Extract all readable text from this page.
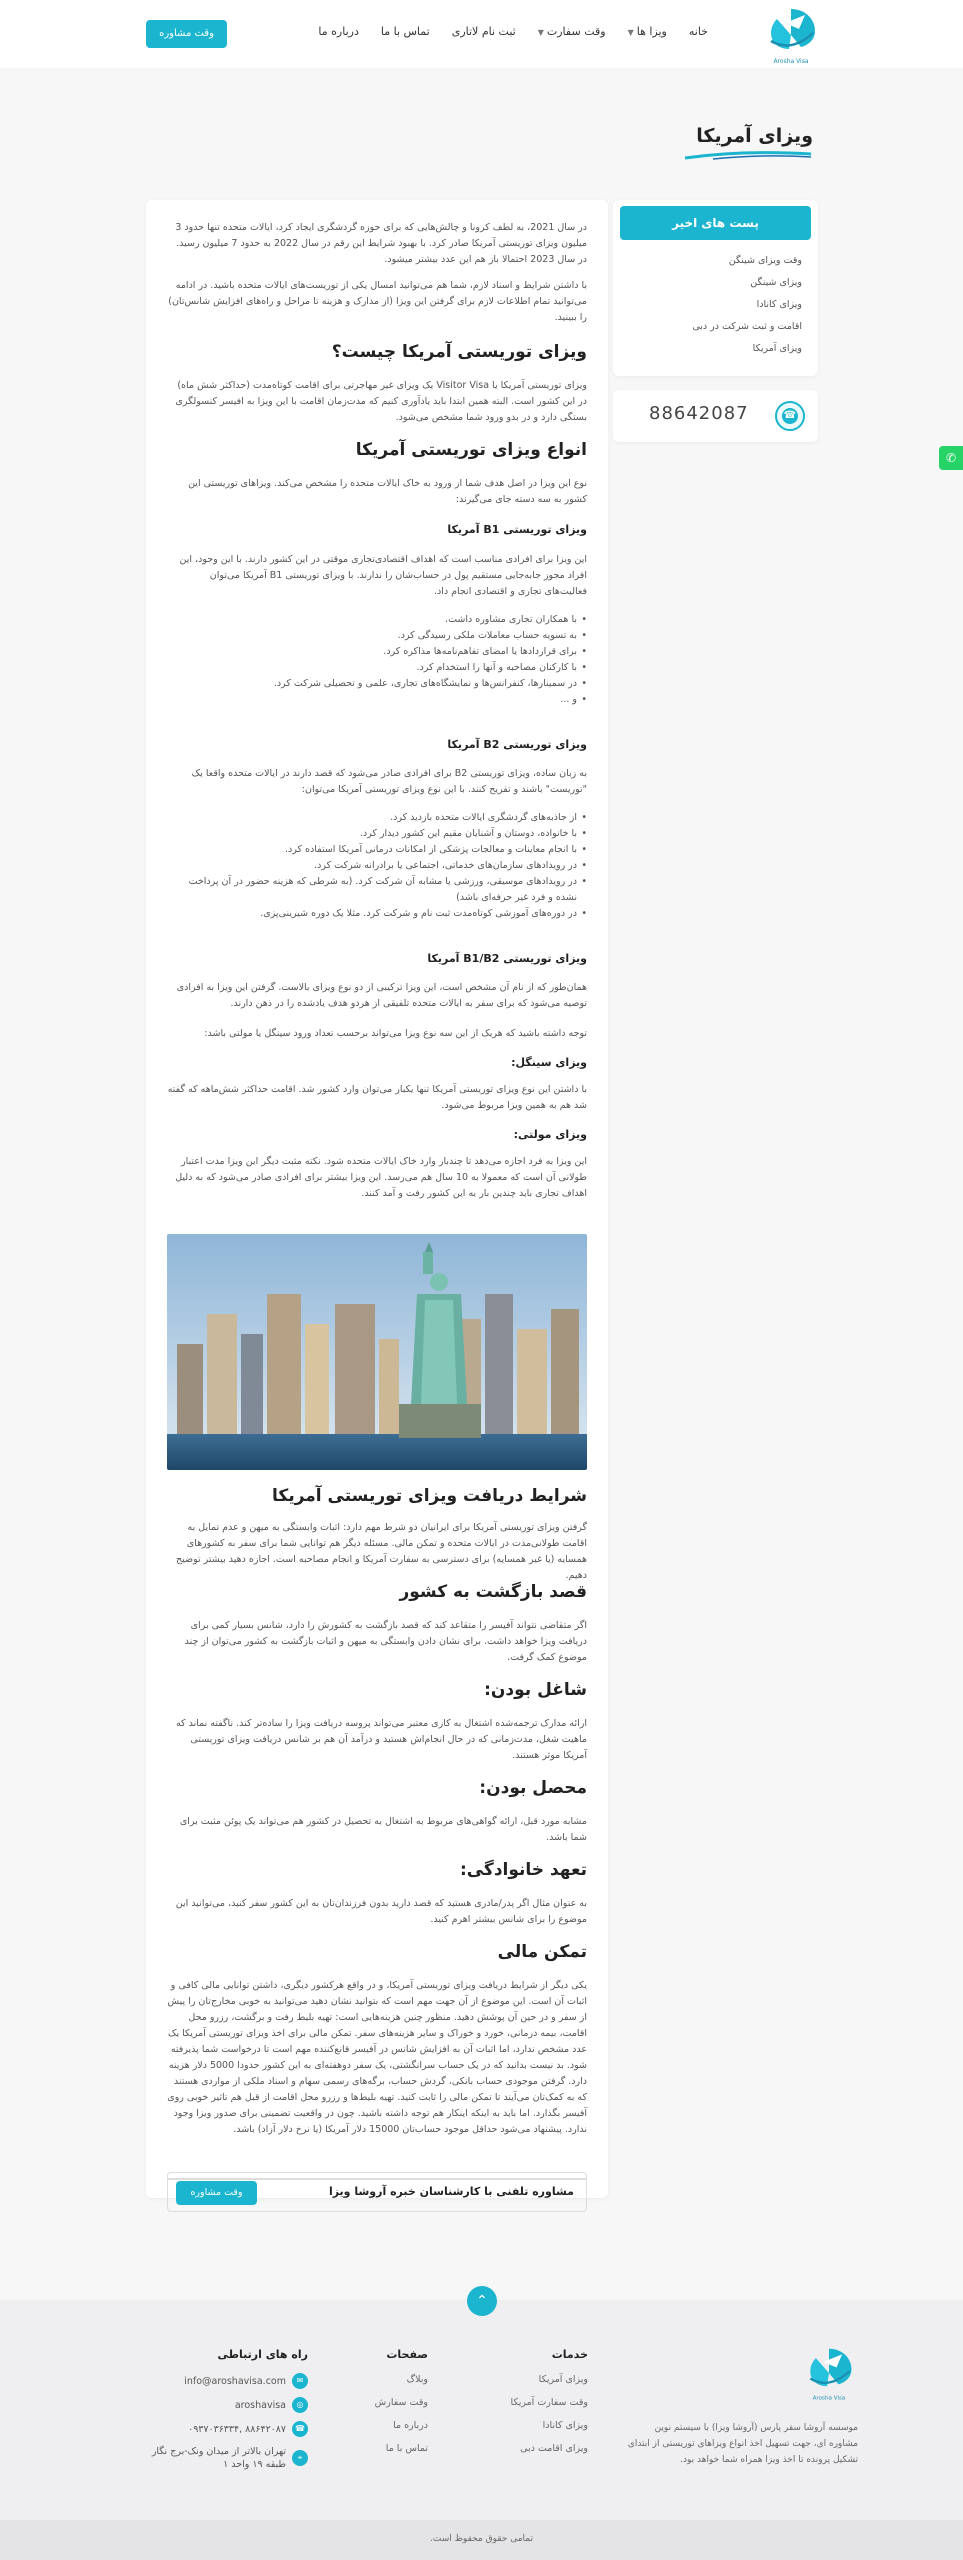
Arosha Visa
خانه
ویزا ها▼
وقت سفارت▼
ثبت نام لاتاری
تماس با ما
درباره ما
وقت مشاوره
ویزای آمریکا
پست های اخیر
وقت ویزای شینگن
ویزای شینگن
ویزای کانادا
اقامت و ثبت شرکت در دبی
ویزای آمریکا
☎
88642087
✆
در سال 2021، به لطف کرونا و چالش‌هایی که برای حوزه گردشگری ایجاد کرد، ایالات متحده تنها حدود 3 میلیون ویزای توریستی آمریکا صادر کرد. با بهبود شرایط این رقم در سال 2022 به حدود 7 میلیون رسید. در سال 2023 احتمالا باز هم این عدد بیشتر میشود.
با داشتن شرایط و اسناد لازم، شما هم می‌توانید امسال یکی از توریست‌های ایالات متحده باشید. در ادامه می‌توانید تمام اطلاعات لازم برای گرفتن این ویزا (از مدارک و هزینه تا مراحل و راه‌های افزایش شانس‌تان) را ببینید.
ویزای توریستی آمریکا چیست؟
ویزای توریستی آمریکا یا Visitor Visa یک ویزای غیر مهاجرتی برای اقامت کوتاه‌مدت (حداکثر شش ماه) در این کشور است. البته همین ابتدا باید یادآوری کنیم که مدت‌زمان اقامت با این ویزا به افیسر کنسولگری بستگی دارد و در بدو ورود شما مشخص می‌شود.
انواع ویزای توریستی آمریکا
نوع این ویزا در اصل هدف شما از ورود به خاک ایالات متحده را مشخص می‌کند. ویزاهای توریستی این کشور به سه دسته جای می‌گیرند:
ویزای توریستی B1 آمریکا
این ویزا برای افرادی مناسب است که اهداف اقتصادی‌تجاری موقتی در این کشور دارند. با این وجود، این افراد مجوز جابه‌جایی مستقیم پول در حساب‌شان را ندارند. با ویزای توریستی B1 آمریکا می‌توان فعالیت‌های تجاری و اقتصادی انجام داد.
• با همکاران تجاری مشاوره داشت.
• به تسویه حساب معاملات ملکی رسیدگی کرد.
• برای قراردادها یا امضای تفاهم‌نامه‌ها مذاکره کرد.
• با کارکنان مصاحبه و آنها را استخدام کرد.
• در سمینارها، کنفرانس‌ها و نمایشگاه‌های تجاری، علمی و تحصیلی شرکت کرد.
• و ...
ویزای توریستی B2 آمریکا
به زبان ساده، ویزای توریستی B2 برای افرادی صادر می‌شود که قصد دارند در ایالات متحده واقعا یک "توریست" باشند و تفریح کنند. با این نوع ویزای توریستی آمریکا می‌توان:
• از جاذبه‌های گردشگری ایالات متحده بازدید کرد.
• با خانواده، دوستان و آشنایان مقیم این کشور دیدار کرد.
• با انجام معاینات و معالجات پزشکی از امکانات درمانی آمریکا استفاده کرد.
• در رویدادهای سازمان‌های خدماتی، اجتماعی یا برادرانه شرکت کرد.
• در رویدادهای موسیقی، ورزشی یا مشابه آن شرکت کرد. (به شرطی که هزینه حضور در آن پرداخت نشده و فرد غیر حرفه‌ای باشد)
• در دوره‌های آموزشی کوتاه‌مدت ثبت نام و شرکت کرد. مثلا یک دوره شیرینی‌پزی.
ویزای توریستی B1/B2 آمریکا
همان‌طور که از نام آن مشخص است، این ویزا ترکیبی از دو نوع ویزای بالاست. گرفتن این ویزا به افرادی توصیه می‌شود که برای سفر به ایالات متحده تلفیقی از هردو هدف یادشده را در ذهن دارند.
توجه داشته باشید که هریک از این سه نوع ویزا می‌تواند برحسب تعداد ورود سینگل یا مولتی باشد:
ویزای سینگل:
با داشتن این نوع ویزای توریستی آمریکا تنها یکبار می‌توان وارد کشور شد. اقامت حداکثر شش‌ماهه که گفته شد هم به همین ویزا مربوط می‌شود.
ویزای مولتی:
این ویزا به فرد اجازه می‌دهد تا چندبار وارد خاک ایالات متحده شود. نکته مثبت دیگر این ویزا مدت اعتبار طولانی آن است که معمولا به 10 سال هم می‌رسد. این ویزا بیشتر برای افرادی صادر می‌شود که به دلیل اهداف تجاری باید چندین بار به این کشور رفت و آمد کنند.
شرایط دریافت ویزای توریستی آمریکا
گرفتن ویزای توریستی آمریکا برای ایرانیان دو شرط مهم دارد: اثبات وابستگی به میهن و عدم تمایل به اقامت طولانی‌مدت در ایالات متحده و تمکن مالی. مسئله دیگر هم توانایی شما برای سفر به کشورهای همسایه (یا غیر همسایه) برای دسترسی به سفارت آمریکا و انجام مصاحبه است. اجازه دهید بیشتر توضیح دهیم.
قصد بازگشت به کشور
اگر متقاضی نتواند آفیسر را متقاعد کند که قصد بازگشت به کشورش را دارد، شانس بسیار کمی برای دریافت ویزا خواهد داشت. برای نشان دادن وابستگی به میهن و اثبات بازگشت به کشور می‌توان از چند موضوع کمک گرفت.
شاغل بودن:
ارائه مدارک ترجمه‌شده اشتغال به کاری معتبر می‌تواند پروسه دریافت ویزا را ساده‌تر کند. ناگفته نماند که ماهیت شغل، مدت‌زمانی که در حال انجام‌اش هستید و درآمد آن هم بر شانس دریافت ویزای توریستی آمریکا موثر هستند.
محصل بودن:
مشابه مورد قبل، ارائه گواهی‌های مربوط به اشتغال به تحصیل در کشور هم می‌تواند یک پوئن مثبت برای شما باشد.
تعهد خانوادگی:
به عنوان مثال اگر پدر/مادری هستید که قصد دارید بدون فرزندان‌تان به این کشور سفر کنید، می‌توانید این موضوع را برای شانس بیشتر اهرم کنید.
تمکن مالی
یکی دیگر از شرایط دریافت ویزای توریستی آمریکا، و در واقع هرکشور دیگری، داشتن توانایی مالی کافی و اثبات آن است. این موضوع از آن جهت مهم است که بتوانید نشان دهید می‌توانید به خوبی مخارج‌تان را پیش از سفر و در حین آن پوشش دهید. منظور چنین هزینه‌هایی است: تهیه بلیط رفت و برگشت، رزرو محل اقامت، بیمه درمانی، خورد و خوراک و سایر هزینه‌های سفر. تمکن مالی برای اخذ ویزای توریستی آمریکا یک عدد مشخص ندارد، اما اثبات آن به افزایش شانس در آفیسر قانع‌کننده مهم است تا درخواست شما پذیرفته شود. بد نیست بدانید که در یک حساب سرانگشتی، یک سفر دو‌هفته‌ای به این کشور حدودا 5000 دلار هزینه دارد. گرفتن موجودی حساب بانکی، گردش حساب، برگه‌های رسمی سهام و اسناد ملکی از مواردی هستند که به کمک‌تان می‌آیند تا تمکن مالی را ثابت کنید. تهیه بلیط‌ها و رزرو محل اقامت از قبل هم تاثیر خوبی روی آفیسر بگذارد. اما باید به اینکه اینکار هم توجه داشته باشید. چون در واقعیت تضمینی برای صدور ویزا وجود ندارد. پیشنهاد می‌شود حداقل موجود حساب‌تان 15000 دلار آمریکا (یا نرخ دلار آزاد) باشد.
مشاوره تلفنی با کارشناسان خبره آروشا ویزا
وقت مشاوره
Arosha Visa
موسسه آروشا سفر پارس (آروشا ویزا) با سیستم نوین مشاوره ای، جهت تسهیل اخذ انواع ویزاهای توریستی از ابتدای تشکیل پرونده تا اخذ ویزا همراه شما خواهد بود.
خدمات
ویزای آمریکا
وقت سفارت آمریکا
ویزای کانادا
ویزای اقامت دبی
صفحات
وبلاگ
وقت سفارش
درباره ما
تماس با ما
راه های ارتباطی
✉
info@aroshavisa.com
◎
aroshavisa
☎
۸۸۶۴۲۰۸۷ ,۰۹۳۷۰۳۶۳۳۴
⌖
تهران بالاتر از میدان ونک-برج نگار طبقه ۱۹ واحد ۱
⌃
تمامی حقوق محفوظ است.
